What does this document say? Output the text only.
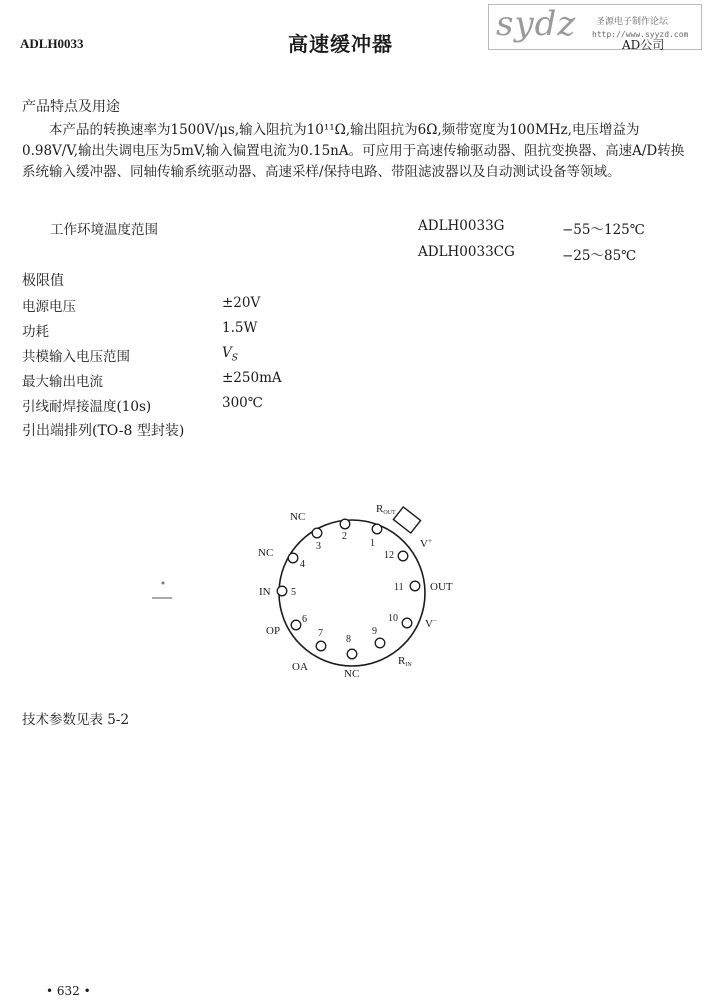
sydz 圣源电子制作论坛
http://www.syyzd.com
ADLH0033	高速缓冲器	AD公司
产品特点及用途
本产品的转换速率为1500V/μs,输入阻抗为10¹¹Ω,输出阻抗为6Ω,频带宽度为100MHz,电压增益为0.98V/V,输出失调电压为5mV,输入偏置电流为0.15nA。可应用于高速传输驱动器、阻抗变换器、高速A/D转换系统输入缓冲器、同轴传输系统驱动器、高速采样/保持电路、带阻滤波器以及自动测试设备等领域。
工作环境温度范围	ADLH0033G	−55～125℃
ADLH0033CG	−25～85℃
极限值
电源电压	±20V
功耗	1.5W
共模输入电压范围	$V_S$
最大输出电流	±250mA
引线耐焊接温度(10s)	300℃
引出端排列(TO-8 型封装)
1
2
3
4
5
6
7
8
9
10
11
12
NC
ROUT
V+
NC
IN	OUT
OP
V−
OA
NC
RIN
技术参数见表 5-2
• 632 •
